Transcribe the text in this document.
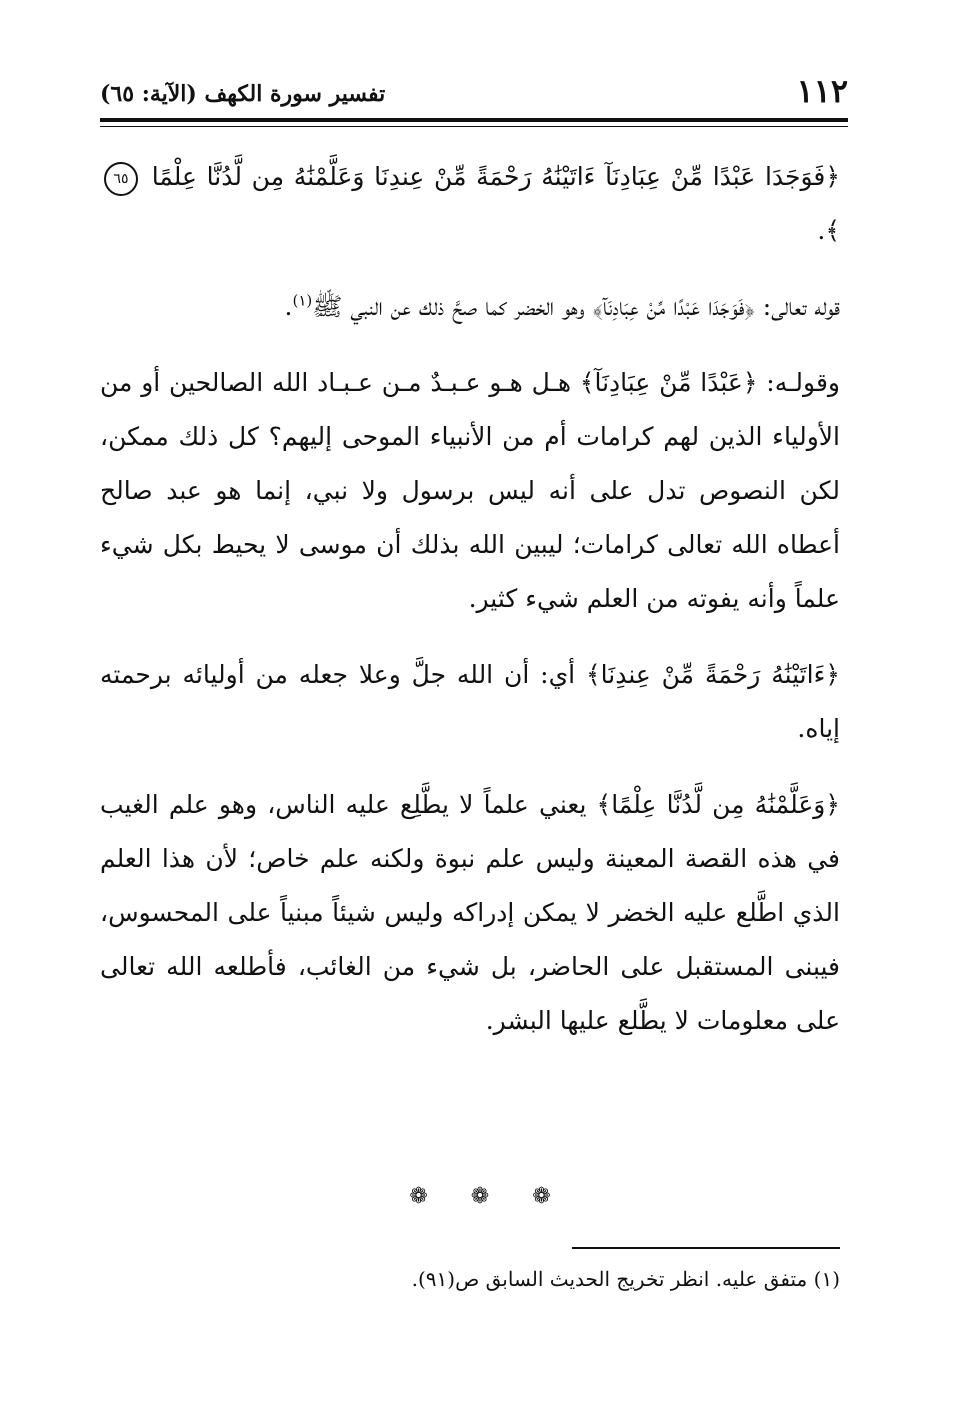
١١٢
تفسير سورة الكهف (الآية: ٦٥)

﴿فَوَجَدَا عَبْدًا مِّنْ عِبَادِنَآ ءَاتَيْنَٰهُ رَحْمَةً مِّنْ عِندِنَا وَعَلَّمْنَٰهُ مِن لَّدُنَّا عِلْمًا ٦٥ ﴾.

قوله تعالى: ﴿فَوَجَدَا عَبْدًا مِّنْ عِبَادِنَآ﴾ وهو الخضر كما صحَّ ذلك عن النبي ﷺ$^{(١)}$.

وقولـه: ﴿عَبْدًا مِّنْ عِبَادِنَآ﴾ هـل هـو عـبـدٌ مـن عـبـاد الله الصالحين أو من الأولياء الذين لهم كرامات أم من الأنبياء الموحى إليهم؟ كل ذلك ممكن، لكن النصوص تدل على أنه ليس برسول ولا نبي، إنما هو عبد صالح أعطاه الله تعالى كرامات؛ ليبين الله بذلك أن موسى لا يحيط بكل شيء علماً وأنه يفوته من العلم شيء كثير.

﴿ءَاتَيْنَٰهُ رَحْمَةً مِّنْ عِندِنَا﴾ أي: أن الله جلَّ وعلا جعله من أوليائه برحمته إياه.

﴿وَعَلَّمْنَٰهُ مِن لَّدُنَّا عِلْمًا﴾ يعني علماً لا يطَّلِع عليه الناس، وهو علم الغيب في هذه القصة المعينة وليس علم نبوة ولكنه علم خاص؛ لأن هذا العلم الذي اطَّلع عليه الخضر لا يمكن إدراكه وليس شيئاً مبنياً على المحسوس، فيبنى المستقبل على الحاضر، بل شيء من الغائب، فأطلعه الله تعالى على معلومات لا يطَّلع عليها البشر.

❁ ❁ ❁
(١) متفق عليه. انظر تخريج الحديث السابق ص(٩١).
